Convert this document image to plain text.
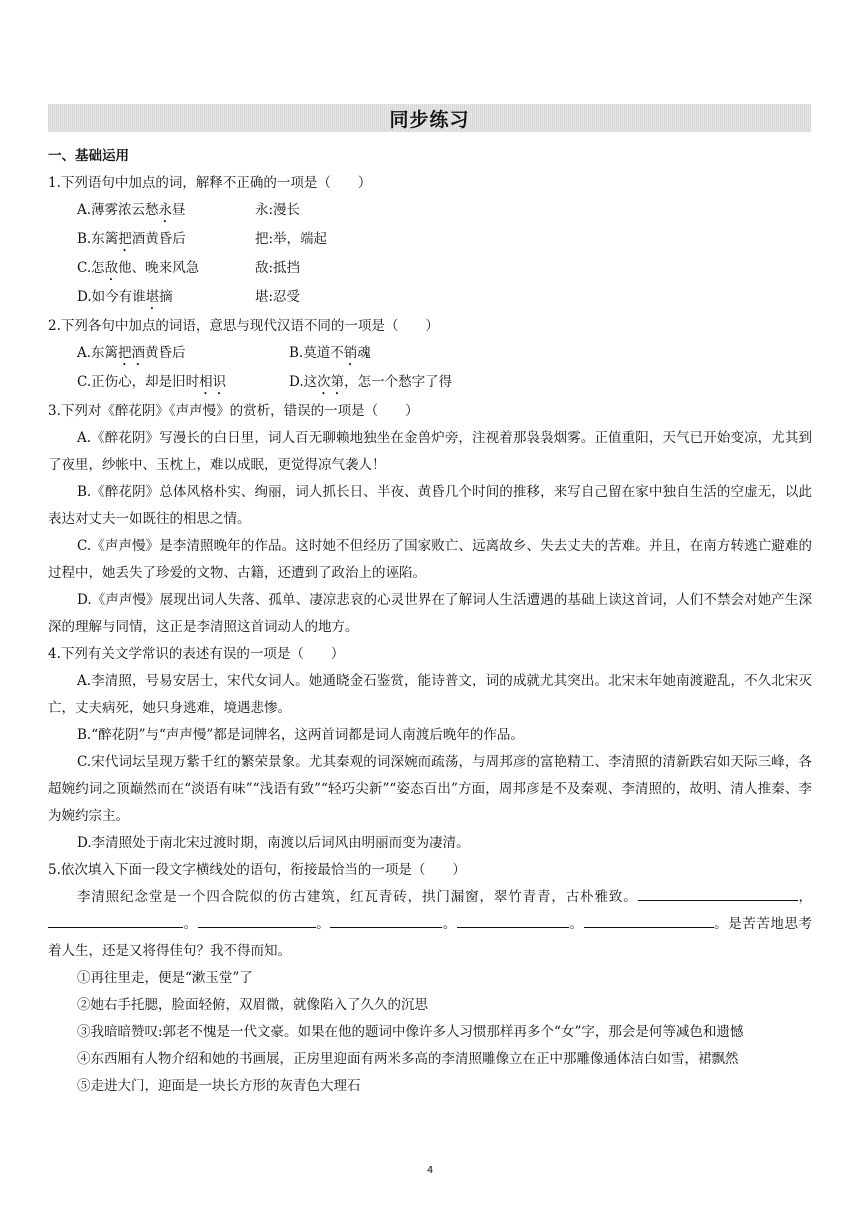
同步练习

一、基础运用

1.下列语句中加点的词，解释不正确的一项是（　　）

A.薄雾浓云愁永昼	永:漫长
B.东篱把酒黄昏后	把:举，端起
C.怎敌他、晚来风急	敌:抵挡
D.如今有谁堪摘	堪:忍受

2.下列各句中加点的词语，意思与现代汉语不同的一项是（　　）

A.东篱把酒黄昏后	B.莫道不销魂
C.正伤心，却是旧时相识	D.这次第，怎一个愁字了得

3.下列对《醉花阴》《声声慢》的赏析，错误的一项是（　　）

A.《醉花阴》写漫长的白日里，词人百无聊赖地独坐在金兽炉旁，注视着那袅袅烟雾。正值重阳，天气已开始变凉，尤其到了夜里，纱帐中、玉枕上，难以成眠，更觉得凉气袭人！

B.《醉花阴》总体风格朴实、绚丽，词人抓长日、半夜、黄昏几个时间的推移，来写自己留在家中独自生活的空虚无，以此表达对丈夫一如既往的相思之情。

C.《声声慢》是李清照晚年的作品。这时她不但经历了国家败亡、远离故乡、失去丈夫的苦难。并且，在南方转逃亡避难的过程中，她丢失了珍爱的文物、古籍，还遭到了政治上的诬陷。

D.《声声慢》展现出词人失落、孤单、凄凉悲哀的心灵世界在了解词人生活遭遇的基础上读这首词，人们不禁会对她产生深深的理解与同情，这正是李清照这首词动人的地方。

4.下列有关文学常识的表述有误的一项是（　　）

A.李清照，号易安居士，宋代女词人。她通晓金石鉴赏，能诗普文，词的成就尤其突出。北宋末年她南渡避乱，不久北宋灭亡，丈夫病死，她只身逃难，境遇悲惨。

B.“醉花阴”与“声声慢”都是词牌名，这两首词都是词人南渡后晚年的作品。

C.宋代词坛呈现万紫千红的繁荣景象。尤其秦观的词深婉而疏荡，与周邦彦的富艳精工、李清照的清新跌宕如天际三峰，各超婉约词之顶巅然而在“淡语有味”“浅语有致”“轻巧尖新”“姿态百出”方面，周邦彦是不及秦观、李清照的，故明、清人推秦、李为婉约宗主。

D.李清照处于南北宋过渡时期，南渡以后词风由明丽而变为凄清。

5.依次填入下面一段文字横线处的语句，衔接最恰当的一项是（　　）

李清照纪念堂是一个四合院似的仿古建筑，红瓦青砖，拱门漏窗，翠竹青青，古朴雅致。	，。	。	。	。	。是苦苦地思考着人生，还是又将得佳句？我不得而知。

①再往里走，便是“漱玉堂”了

②她右手托腮，脸面轻俯，双眉微，就像陷入了久久的沉思

③我暗暗赞叹:郭老不愧是一代文豪。如果在他的题词中像许多人习惯那样再多个“女”字，那会是何等减色和遗憾

④东西厢有人物介绍和她的书画展，正房里迎面有两米多高的李清照雕像立在正中那雕像通体洁白如雪，裙飘然

⑤走进大门，迎面是一块长方形的灰青色大理石

4
